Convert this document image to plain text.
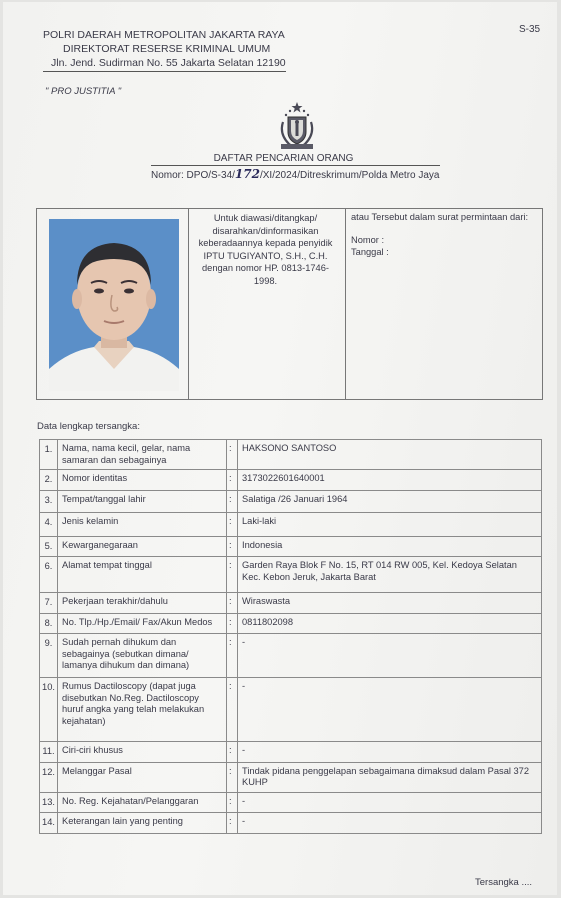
POLRI DAERAH METROPOLITAN JAKARTA RAYA
DIREKTORAT RESERSE KRIMINAL UMUM
Jln. Jend. Sudirman No. 55 Jakarta Selatan 12190
S-35
" PRO JUSTITIA "
DAFTAR PENCARIAN ORANG
Nomor: DPO/S-34/172/XI/2024/Ditreskrimum/Polda Metro Jaya
Untuk diawasi/ditangkap/ disarahkan/dinformasikan keberadaannya kepada penyidik IPTU TUGIYANTO, S.H., C.H. dengan nomor HP. 0813-1746-1998.
atau Tersebut dalam surat permintaan dari:
Nomor :
Tanggal :
Data lengkap tersangka:
1.	Nama, nama kecil, gelar, nama samaran dan sebagainya	:	HAKSONO SANTOSO
2.	Nomor identitas	:	3173022601640001
3.	Tempat/tanggal lahir	:	Salatiga /26 Januari 1964
4.	Jenis kelamin	:	Laki-laki
5.	Kewarganegaraan	:	Indonesia
6.	Alamat tempat tinggal	:	Garden Raya Blok F No. 15, RT 014 RW 005, Kel. Kedoya Selatan Kec. Kebon Jeruk, Jakarta Barat
7.	Pekerjaan terakhir/dahulu	:	Wiraswasta
8.	No. Tlp./Hp./Email/ Fax/Akun Medos	:	0811802098
9.	Sudah pernah dihukum dan sebagainya (sebutkan dimana/ lamanya dihukum dan dimana)	:	-
10.	Rumus Dactiloscopy (dapat juga disebutkan No.Reg. Dactiloscopy huruf angka yang telah melakukan kejahatan)	:	-
11.	Ciri-ciri khusus	:	-
12.	Melanggar Pasal	:	Tindak pidana penggelapan sebagaimana dimaksud dalam Pasal 372 KUHP
13.	No. Reg. Kejahatan/Pelanggaran	:	-
14.	Keterangan lain yang penting	:	-
Tersangka ....
